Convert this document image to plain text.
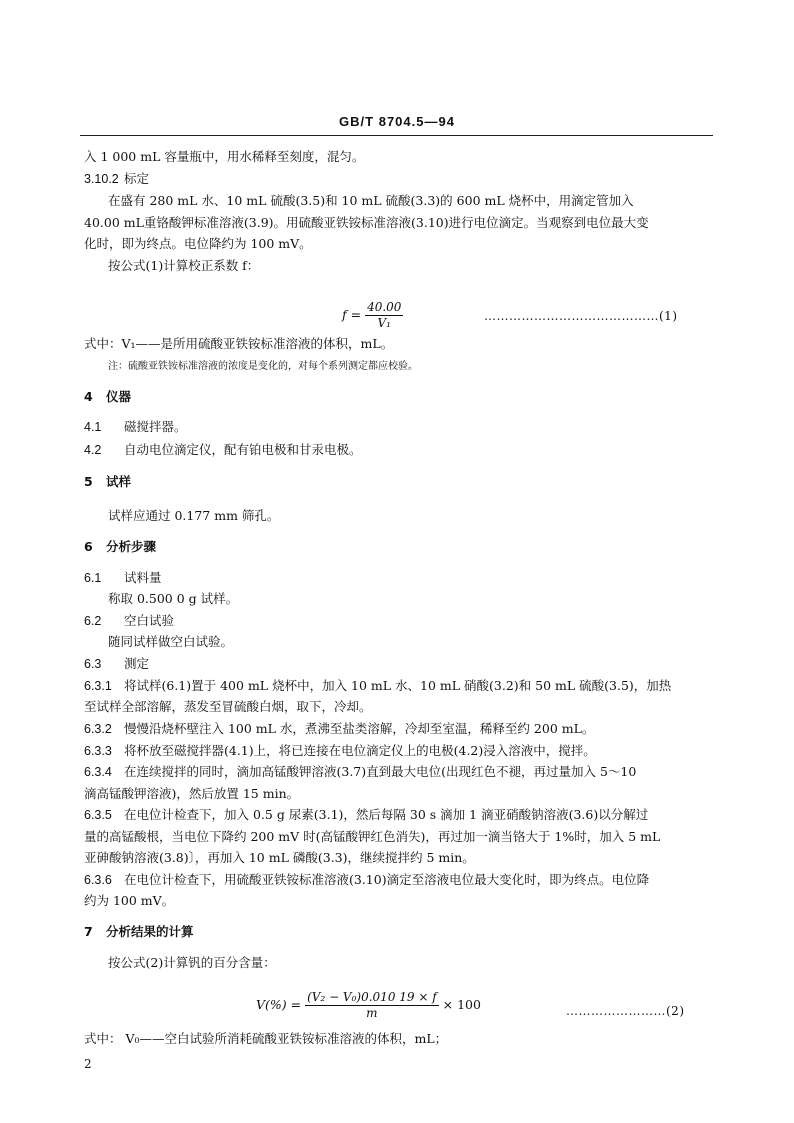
GB/T 8704.5—94
入 1 000 mL 容量瓶中，用水稀释至刻度，混匀。
3.10.2 标定
在盛有 280 mL 水、10 mL 硫酸(3.5)和 10 mL 硫酸(3.3)的 600 mL 烧杯中，用滴定管加入
40.00 mL重铬酸钾标准溶液(3.9)。用硫酸亚铁铵标准溶液(3.10)进行电位滴定。当观察到电位最大变
化时，即为终点。电位降约为 100 mV。
按公式(1)计算校正系数 f：
$f = \frac{40.00}{\text{V₁}}$	……………………………………(1)
式中：V₁——是所用硫酸亚铁铵标准溶液的体积，mL。
注：硫酸亚铁铵标准溶液的浓度是变化的，对每个系列测定都应校验。
4 仪器
4.1 磁搅拌器。
4.2 自动电位滴定仪，配有铂电极和甘汞电极。
5 试样
试样应通过 0.177 mm 筛孔。
6 分析步骤
6.1 试料量
称取 0.500 0 g 试样。
6.2 空白试验
随同试样做空白试验。
6.3 测定
6.3.1 将试样(6.1)置于 400 mL 烧杯中，加入 10 mL 水、10 mL 硝酸(3.2)和 50 mL 硫酸(3.5)，加热
至试样全部溶解，蒸发至冒硫酸白烟，取下，冷却。
6.3.2 慢慢沿烧杯壁注入 100 mL 水，煮沸至盐类溶解，冷却至室温，稀释至约 200 mL。
6.3.3 将杯放至磁搅拌器(4.1)上，将已连接在电位滴定仪上的电极(4.2)浸入溶液中，搅拌。
6.3.4 在连续搅拌的同时，滴加高锰酸钾溶液(3.7)直到最大电位(出现红色不褪，再过量加入 5～10
滴高锰酸钾溶液)，然后放置 15 min。
6.3.5 在电位计检查下，加入 0.5 g 尿素(3.1)，然后每隔 30 s 滴加 1 滴亚硝酸钠溶液(3.6)以分解过
量的高锰酸根，当电位下降约 200 mV 时(高锰酸钾红色消失)，再过加一滴当铬大于 1%时，加入 5 mL
亚砷酸钠溶液(3.8)〕，再加入 10 mL 磷酸(3.3)，继续搅拌约 5 min。
6.3.6 在电位计检查下，用硫酸亚铁铵标准溶液(3.10)滴定至溶液电位最大变化时，即为终点。电位降
约为 100 mV。
7 分析结果的计算
按公式(2)计算钒的百分含量：
$V(\%) = \frac{\text{(V₂ − V₀)0.010 19 × f}}{m} \times 100$	……………………(2)
式中： V₀——空白试验所消耗硫酸亚铁铵标准溶液的体积，mL；
2
